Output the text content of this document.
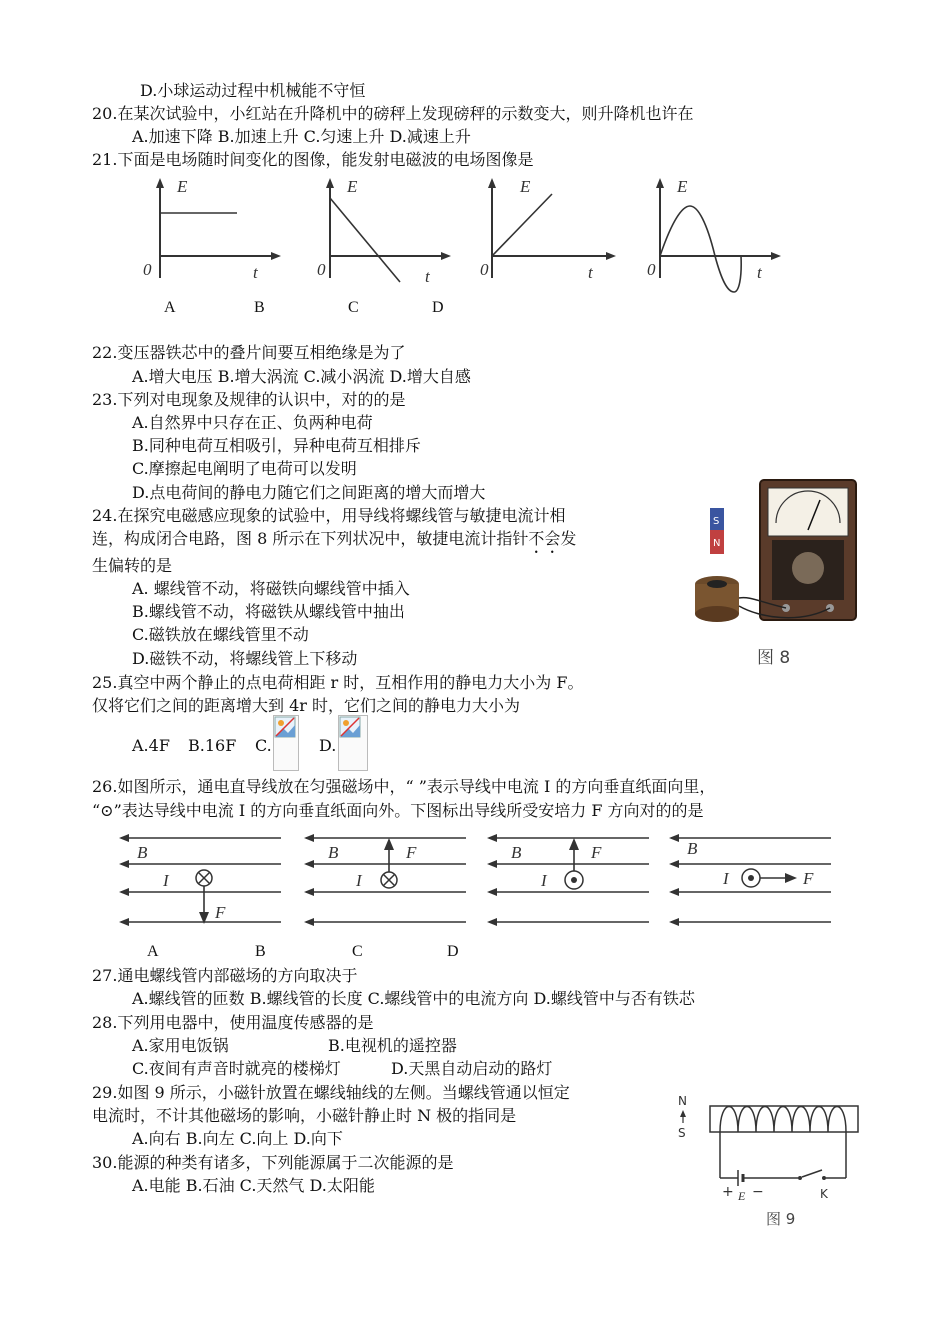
D.小球运动过程中机械能不守恒
20.在某次试验中，小红站在升降机中的磅秤上发现磅秤的示数变大，则升降机也许在
A.加速下降 B.加速上升 C.匀速上升 D.减速上升
21.下面是电场随时间变化的图像，能发射电磁波的电场图像是
E
0	t
E
0	t
E
0	t
E
0	t
A	B	C	D
22.变压器铁芯中的叠片间要互相绝缘是为了
A.增大电压 B.增大涡流 C.减小涡流 D.增大自感
23.下列对电现象及规律的认识中，对的的是
A.自然界中只存在正、负两种电荷
B.同种电荷互相吸引，异种电荷互相排斥
C.摩擦起电阐明了电荷可以发明
D.点电荷间的静电力随它们之间距离的增大而增大
24.在探究电磁感应现象的试验中，用导线将螺线管与敏捷电流计相
连，构成闭合电路，图 8 所示在下列状况中，敏捷电流计指针不会发
生偏转的是
A. 螺线管不动，将磁铁向螺线管中插入
B.螺线管不动，将磁铁从螺线管中抽出
C.磁铁放在螺线管里不动
D.磁铁不动，将螺线管上下移动
S
N
图 8
25.真空中两个静止的点电荷相距 r 时，互相作用的静电力大小为 F。
仅将它们之间的距离增大到 4r 时，它们之间的静电力大小为
A.4F B.16F C.	D.
26.如图所示，通电直导线放在匀强磁场中，“ ”表示导线中电流 I 的方向垂直纸面向里，
“⊙”表达导线中电流 I 的方向垂直纸面向外。下图标出导线所受安培力 F 方向对的的是
B
I
F
B
I
F	B
I
F	B
I	F
A	B	C	D
27.通电螺线管内部磁场的方向取决于
A.螺线管的匝数 B.螺线管的长度 C.螺线管中的电流方向 D.螺线管中与否有铁芯
28.下列用电器中，使用温度传感器的是
A.家用电饭锅	B.电视机的遥控器
C.夜间有声音时就亮的楼梯灯	D.天黑自动启动的路灯
29.如图 9 所示，小磁针放置在螺线轴线的左侧。当螺线管通以恒定
电流时，不计其他磁场的影响，小磁针静止时 N 极的指同是
A.向右 B.向左 C.向上 D.向下
N
S
+ E −	K
图 9
30.能源的种类有诸多，下列能源属于二次能源的是
A.电能 B.石油 C.天然气 D.太阳能
